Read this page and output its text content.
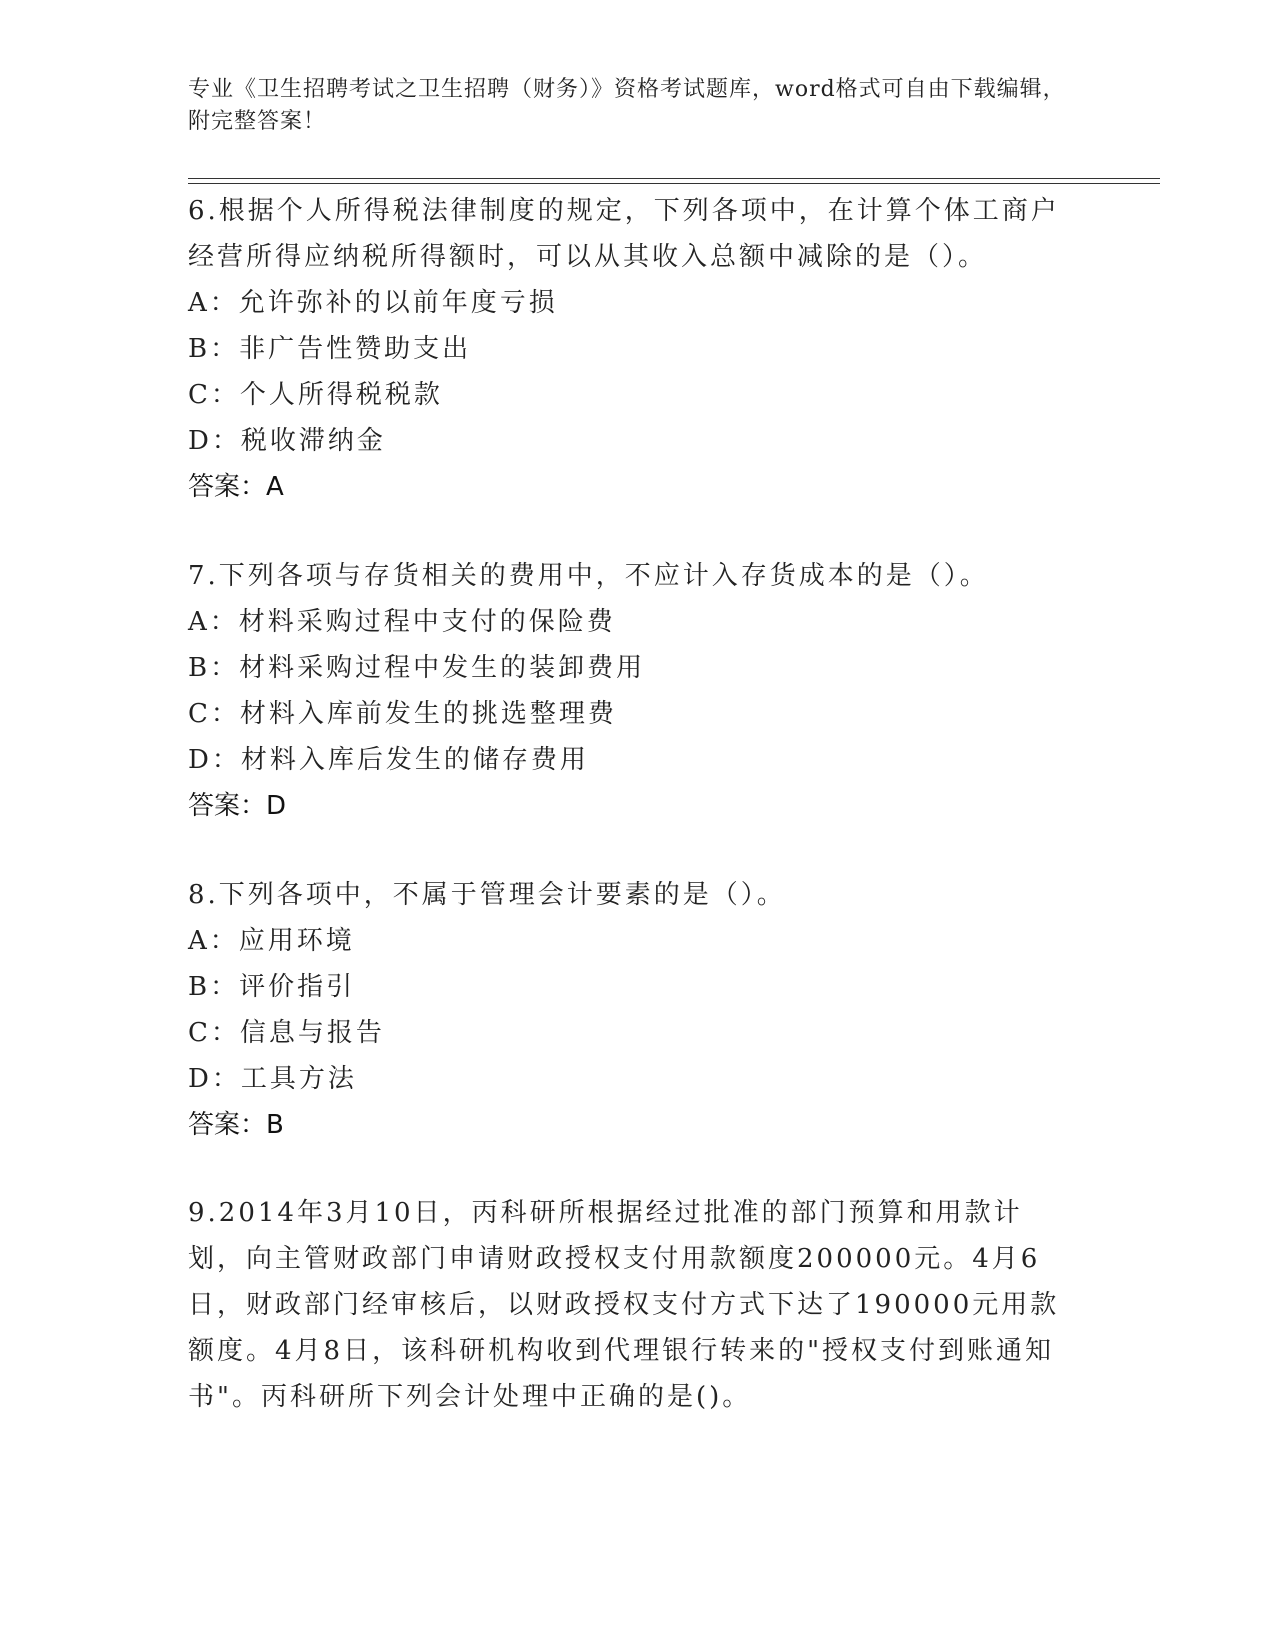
专业《卫生招聘考试之卫生招聘（财务）》资格考试题库，word格式可自由下载编辑，附完整答案！

6.根据个人所得税法律制度的规定，下列各项中，在计算个体工商户经营所得应纳税所得额时，可以从其收入总额中减除的是（）。

A：允许弥补的以前年度亏损

B：非广告性赞助支出

C：个人所得税税款

D：税收滞纳金

答案：A

7.下列各项与存货相关的费用中，不应计入存货成本的是（）。

A：材料采购过程中支付的保险费

B：材料采购过程中发生的装卸费用

C：材料入库前发生的挑选整理费

D：材料入库后发生的储存费用

答案：D

8.下列各项中，不属于管理会计要素的是（）。

A：应用环境

B：评价指引

C：信息与报告

D：工具方法

答案：B

9.2014年3月10日，丙科研所根据经过批准的部门预算和用款计划，向主管财政部门申请财政授权支付用款额度200000元。4月6日，财政部门经审核后，以财政授权支付方式下达了190000元用款额度。4月8日，该科研机构收到代理银行转来的"授权支付到账通知书"。丙科研所下列会计处理中正确的是()。
